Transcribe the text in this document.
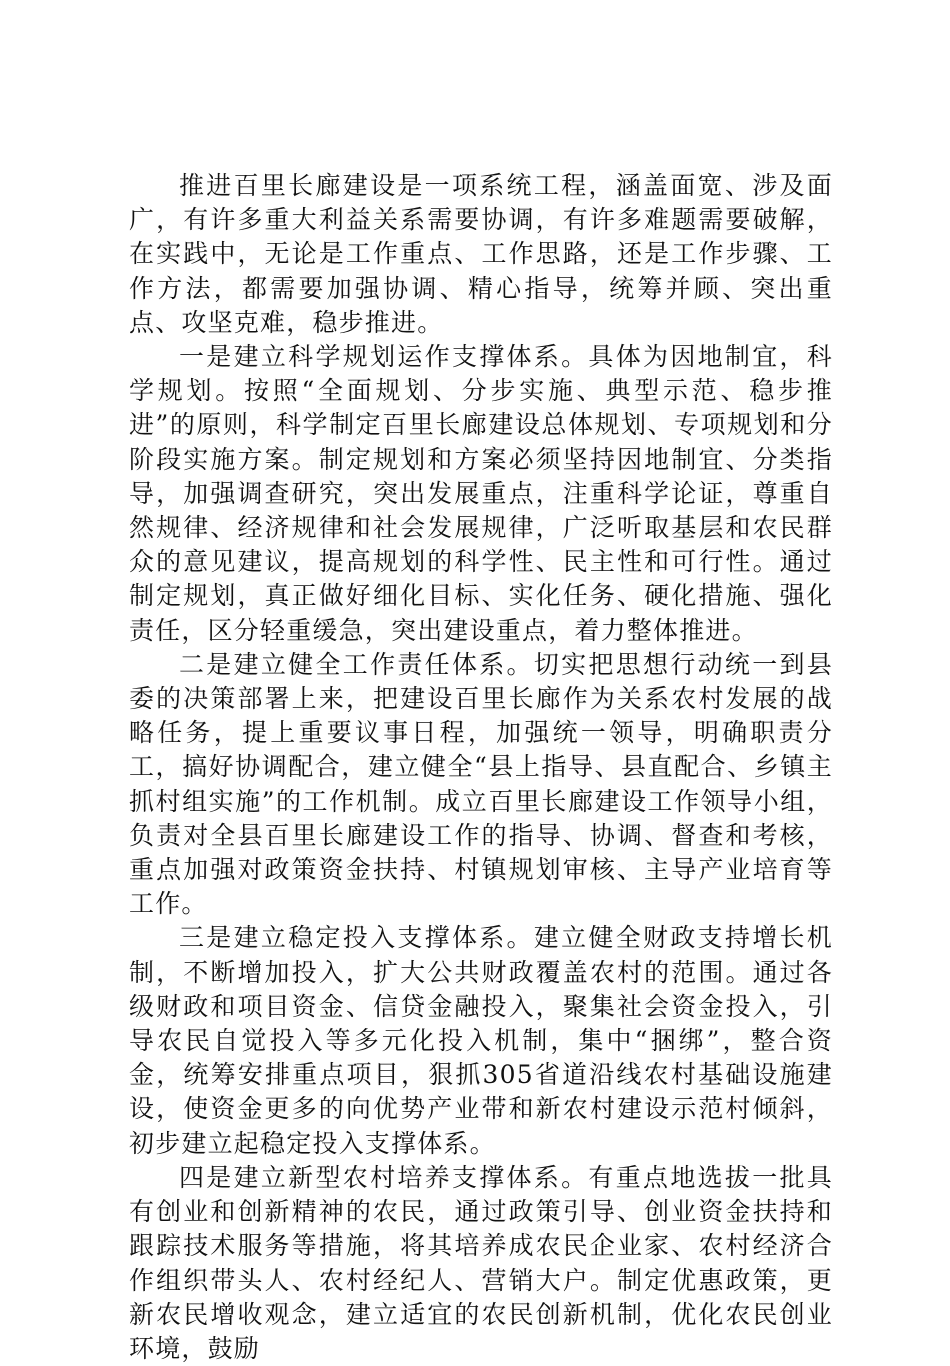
推进百里长廊建设是一项系统工程，涵盖面宽、涉及面广，有许多重大利益关系需要协调，有许多难题需要破解，在实践中，无论是工作重点、工作思路，还是工作步骤、工作方法，都需要加强协调、精心指导，统筹并顾、突出重点、攻坚克难，稳步推进。

一是建立科学规划运作支撑体系。具体为因地制宜，科学规划。按照“全面规划、分步实施、典型示范、稳步推进”的原则，科学制定百里长廊建设总体规划、专项规划和分阶段实施方案。制定规划和方案必须坚持因地制宜、分类指导，加强调查研究，突出发展重点，注重科学论证，尊重自然规律、经济规律和社会发展规律，广泛听取基层和农民群众的意见建议，提高规划的科学性、民主性和可行性。通过制定规划，真正做好细化目标、实化任务、硬化措施、强化责任，区分轻重缓急，突出建设重点，着力整体推进。

二是建立健全工作责任体系。切实把思想行动统一到县委的决策部署上来，把建设百里长廊作为关系农村发展的战略任务，提上重要议事日程，加强统一领导，明确职责分工，搞好协调配合，建立健全“县上指导、县直配合、乡镇主抓村组实施”的工作机制。成立百里长廊建设工作领导小组，负责对全县百里长廊建设工作的指导、协调、督查和考核，重点加强对政策资金扶持、村镇规划审核、主导产业培育等工作。

三是建立稳定投入支撑体系。建立健全财政支持增长机制，不断增加投入，扩大公共财政覆盖农村的范围。通过各级财政和项目资金、信贷金融投入，聚集社会资金投入，引导农民自觉投入等多元化投入机制，集中“捆绑”，整合资金，统筹安排重点项目，狠抓305省道沿线农村基础设施建设，使资金更多的向优势产业带和新农村建设示范村倾斜，初步建立起稳定投入支撑体系。

四是建立新型农村培养支撑体系。有重点地选拔一批具有创业和创新精神的农民，通过政策引导、创业资金扶持和跟踪技术服务等措施，将其培养成农民企业家、农村经济合作组织带头人、农村经纪人、营销大户。制定优惠政策，更新农民增收观念，建立适宜的农民创新机制，优化农民创业环境，鼓励
